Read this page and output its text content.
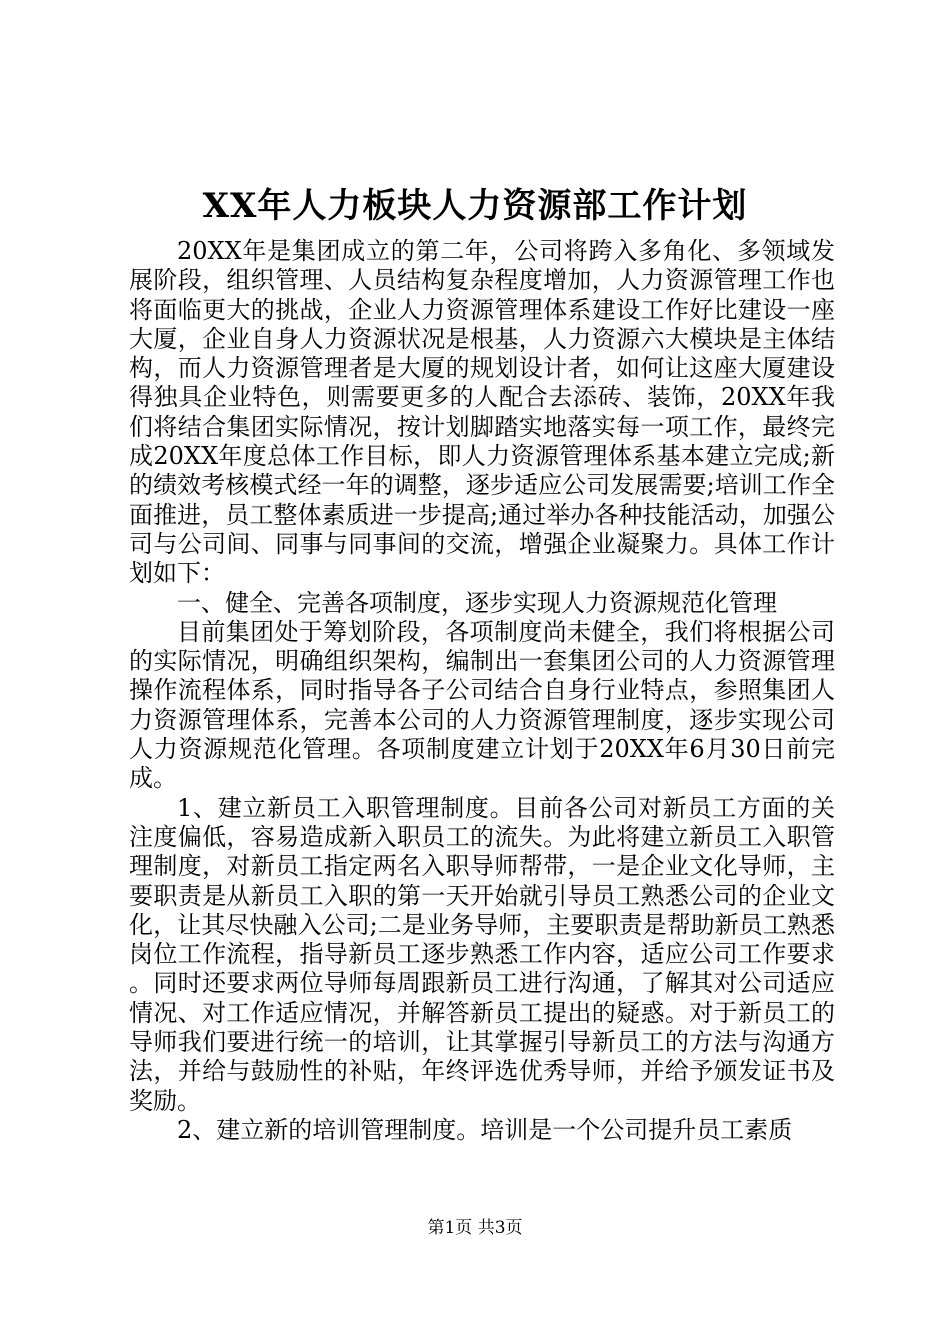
XX年人力板块人力资源部工作计划

20XX年是集团成立的第二年，公司将跨入多角化、多领域发展阶段，组织管理、人员结构复杂程度增加，人力资源管理工作也将面临更大的挑战，企业人力资源管理体系建设工作好比建设一座大厦，企业自身人力资源状况是根基，人力资源六大模块是主体结构，而人力资源管理者是大厦的规划设计者，如何让这座大厦建设得独具企业特色，则需要更多的人配合去添砖、装饰，20XX年我们将结合集团实际情况，按计划脚踏实地落实每一项工作，最终完成20XX年度总体工作目标，即人力资源管理体系基本建立完成;新的绩效考核模式经一年的调整，逐步适应公司发展需要;培训工作全面推进，员工整体素质进一步提高;通过举办各种技能活动，加强公司与公司间、同事与同事间的交流，增强企业凝聚力。具体工作计划如下：

一、健全、完善各项制度，逐步实现人力资源规范化管理

目前集团处于筹划阶段，各项制度尚未健全，我们将根据公司的实际情况，明确组织架构，编制出一套集团公司的人力资源管理操作流程体系，同时指导各子公司结合自身行业特点，参照集团人力资源管理体系，完善本公司的人力资源管理制度，逐步实现公司人力资源规范化管理。各项制度建立计划于20XX年6月30日前完成。

1、建立新员工入职管理制度。目前各公司对新员工方面的关注度偏低，容易造成新入职员工的流失。为此将建立新员工入职管理制度，对新员工指定两名入职导师帮带，一是企业文化导师，主要职责是从新员工入职的第一天开始就引导员工熟悉公司的企业文化，让其尽快融入公司;二是业务导师，主要职责是帮助新员工熟悉岗位工作流程，指导新员工逐步熟悉工作内容，适应公司工作要求。同时还要求两位导师每周跟新员工进行沟通，了解其对公司适应情况、对工作适应情况，并解答新员工提出的疑惑。对于新员工的导师我们要进行统一的培训，让其掌握引导新员工的方法与沟通方法，并给与鼓励性的补贴，年终评选优秀导师，并给予颁发证书及奖励。

2、建立新的培训管理制度。培训是一个公司提升员工素质

第1页 共3页
